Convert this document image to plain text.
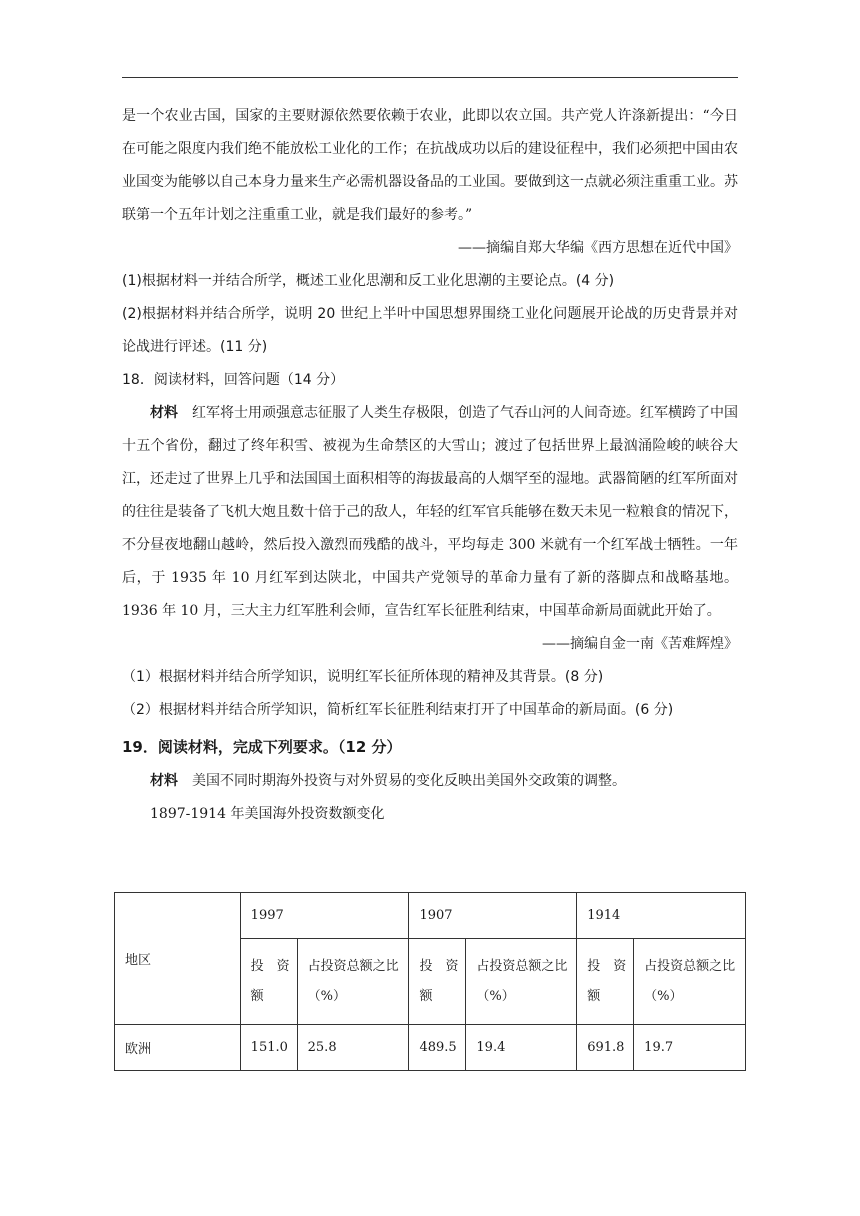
是一个农业古国，国家的主要财源依然要依赖于农业，此即以农立国。共产党人许涤新提出：“今日在可能之限度内我们绝不能放松工业化的工作；在抗战成功以后的建设征程中，我们必须把中国由农业国变为能够以自己本身力量来生产必需机器设备品的工业国。要做到这一点就必须注重重工业。苏联第一个五年计划之注重重工业，就是我们最好的参考。”

——摘编自郑大华编《西方思想在近代中国》

(1)根据材料一并结合所学，概述工业化思潮和反工业化思潮的主要论点。(4 分)

(2)根据材料并结合所学，说明 20 世纪上半叶中国思想界围绕工业化问题展开论战的历史背景并对论战进行评述。(11 分)

18．阅读材料，回答问题（14 分）

材料　 红军将士用顽强意志征服了人类生存极限，创造了气吞山河的人间奇迹。红军横跨了中国十五个省份，翻过了终年积雪、被视为生命禁区的大雪山；渡过了包括世界上最汹涌险峻的峡谷大江，还走过了世界上几乎和法国国土面积相等的海拔最高的人烟罕至的湿地。武器简陋的红军所面对的往往是装备了飞机大炮且数十倍于己的敌人，年轻的红军官兵能够在数天未见一粒粮食的情况下，不分昼夜地翻山越岭，然后投入激烈而残酷的战斗，平均每走 300 米就有一个红军战士牺牲。一年后，于 1935 年 10 月红军到达陕北，中国共产党领导的革命力量有了新的落脚点和战略基地。1936 年 10 月，三大主力红军胜利会师，宣告红军长征胜利结束，中国革命新局面就此开始了。

——摘编自金一南《苦难辉煌》

（1）根据材料并结合所学知识，说明红军长征所体现的精神及其背景。(8 分)

（2）根据材料并结合所学知识，简析红军长征胜利结束打开了中国革命的新局面。(6 分)

19．阅读材料，完成下列要求。（12 分）

材料　 美国不同时期海外投资与对外贸易的变化反映出美国外交政策的调整。

1897-1914 年美国海外投资数额变化

地区	1997		1907		1914	
	投　资额	占投资总额之比（%）	投　资额	占投资总额之比（%）	投　资额	占投资总额之比（%）
欧洲	151.0	25.8	489.5	19.4	691.8	19.7
